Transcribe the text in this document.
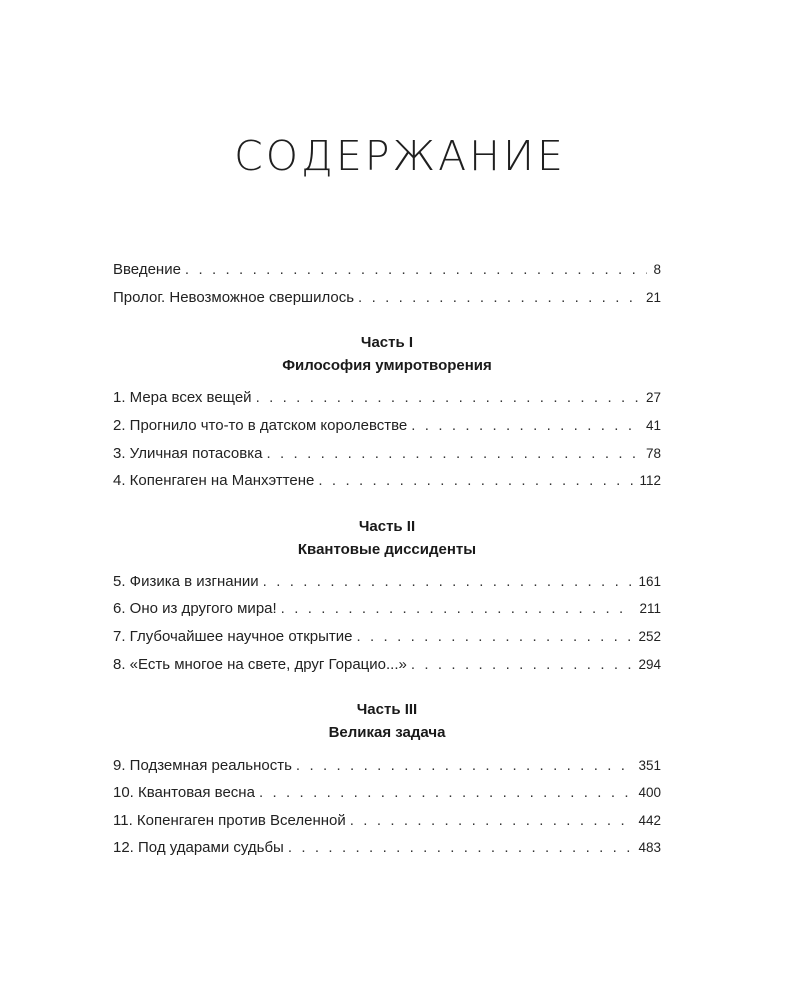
СОДЕРЖАНИЕ
Введение . . .	8
Пролог. Невозможное свершилось . . .	21
Часть I
Философия умиротворения
1. Мера всех вещей . . .	27
2. Прогнило что-то в датском королевстве . . .	41
3. Уличная потасовка . . .	78
4. Копенгаген на Манхэттене . . .	112
Часть II
Квантовые диссиденты
5. Физика в изгнании . . .	161
6. Оно из другого мира! . . .	211
7. Глубочайшее научное открытие . . .	252
8. «Есть многое на свете, друг Горацио...» . . .	294
Часть III
Великая задача
9. Подземная реальность . . .	351
10. Квантовая весна . . .	400
11. Копенгаген против Вселенной . . .	442
12. Под ударами судьбы . . .	483
